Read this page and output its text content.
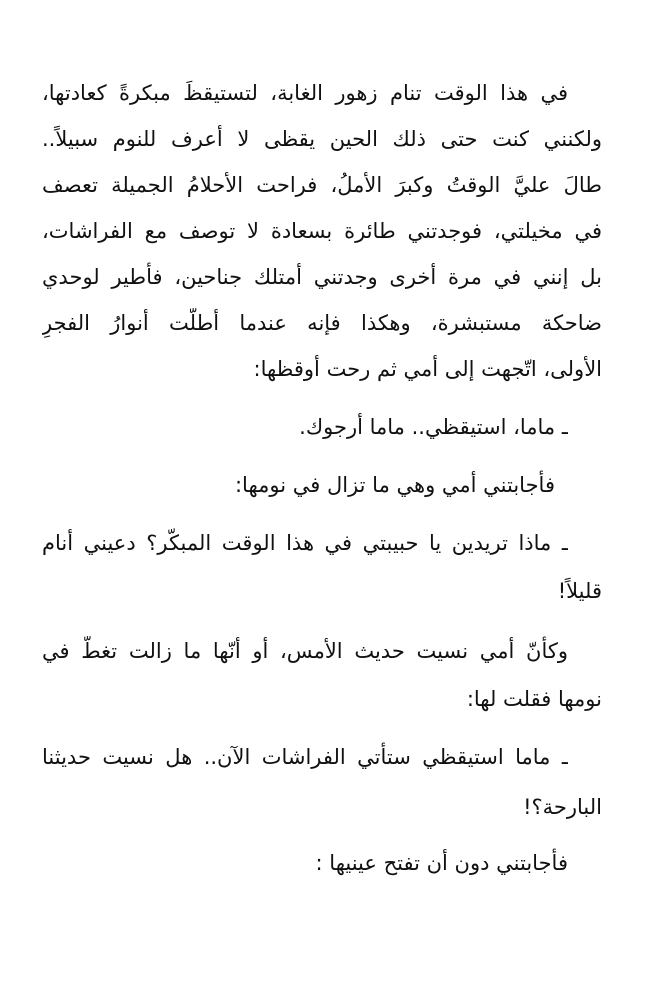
في هذا الوقت تنام زهور الغابة، لتستيقظَ مبكرةً كعادتها،
ولكنني كنت حتى ذلك الحين يقظى لا أعرف للنوم سبيلاً..
طالَ عليَّ الوقتُ وكبرَ الأملُ، فراحت الأحلامُ الجميلة تعصف
في مخيلتي، فوجدتني طائرة بسعادة لا توصف مع الفراشات،
بل إنني في مرة أخرى وجدتني أمتلك جناحين، فأطير لوحدي
ضاحكة مستبشرة، وهكذا فإنه عندما أطلّت أنوارُ الفجرِ
الأولى، اتّجهت إلى أمي ثم رحت أوقظها:
ـ ماما، استيقظي.. ماما أرجوك.
فأجابتني أمي وهي ما تزال في نومها:
ـ ماذا تريدين يا حبيبتي في هذا الوقت المبكّر؟ دعيني أنام
قليلاً!
وكأنّ أمي نسيت حديث الأمس، أو أنّها ما زالت تغطّ في
نومها فقلت لها:
ـ ماما استيقظي ستأتي الفراشات الآن.. هل نسيت حديثنا
البارحة؟!
فأجابتني دون أن تفتح عينيها :
